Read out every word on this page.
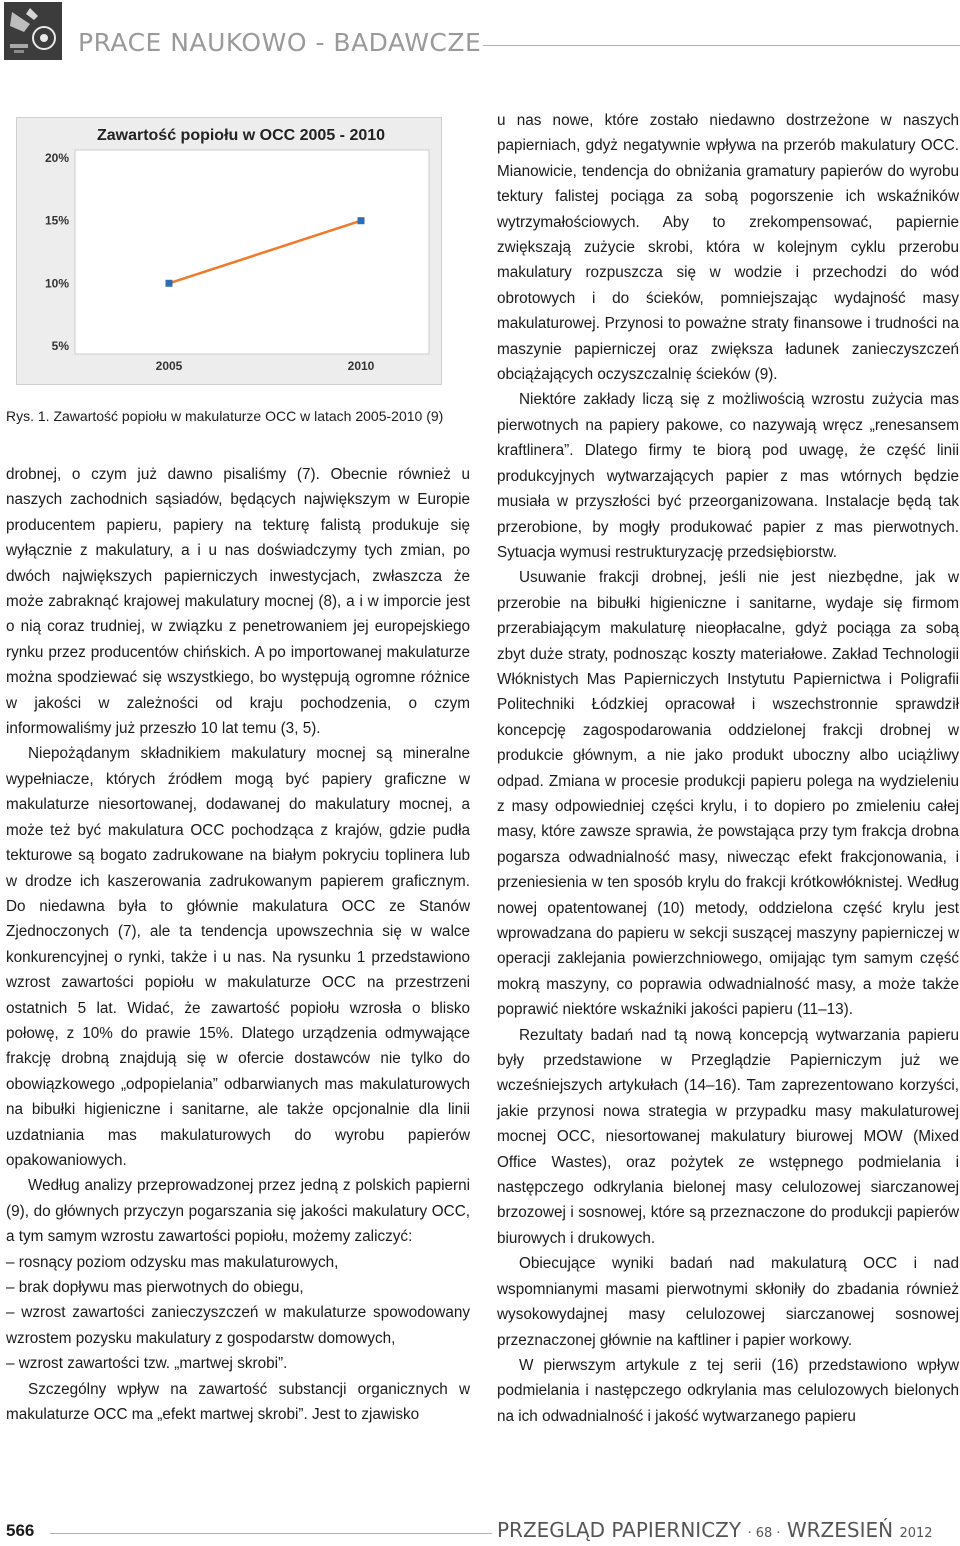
PRACE NAUKOWO - BADAWCZE
Zawartość popiołu w OCC 2005 - 2010
5%
10%
15%
20%
2005	2010
Rys. 1. Zawartość popiołu w makulaturze OCC w latach 2005-2010 (9)

drobnej, o czym już dawno pisaliśmy (7). Obecnie również u naszych zachodnich sąsiadów, będących największym w Europie producentem papieru, papiery na tekturę falistą produkuje się wyłącznie z makulatury, a i u nas doświadczymy tych zmian, po dwóch największych papierniczych inwestycjach, zwłaszcza że może zabraknąć krajowej makulatury mocnej (8), a i w imporcie jest o nią coraz trudniej, w związku z penetrowaniem jej europejskiego rynku przez producentów chińskich. A po importowanej makulaturze można spodziewać się wszystkiego, bo występują ogromne różnice w jakości w zależności od kraju pochodzenia, o czym informowaliśmy już przeszło 10 lat temu (3, 5).

Niepożądanym składnikiem makulatury mocnej są mineralne wypełniacze, których źródłem mogą być papiery graficzne w makulaturze niesortowanej, dodawanej do makulatury mocnej, a może też być makulatura OCC pochodząca z krajów, gdzie pudła tekturowe są bogato zadrukowane na białym pokryciu toplinera lub w drodze ich kaszerowania zadrukowanym papierem graficznym. Do niedawna była to głównie makulatura OCC ze Stanów Zjednoczonych (7), ale ta tendencja upowszechnia się w walce konkurencyjnej o rynki, także i u nas. Na rysunku 1 przedstawiono wzrost zawartości popiołu w makulaturze OCC na przestrzeni ostatnich 5 lat. Widać, że zawartość popiołu wzrosła o blisko połowę, z 10% do prawie 15%. Dlatego urządzenia odmywające frakcję drobną znajdują się w ofercie dostawców nie tylko do obowiązkowego „odpopielania” odbarwianych mas makulaturowych na bibułki higieniczne i sanitarne, ale także opcjonalnie dla linii uzdatniania mas makulaturowych do wyrobu papierów opakowaniowych.

Według analizy przeprowadzonej przez jedną z polskich papierni (9), do głównych przyczyn pogarszania się jakości makulatury OCC, a tym samym wzrostu zawartości popiołu, możemy zaliczyć:

– rosnący poziom odzysku mas makulaturowych,

– brak dopływu mas pierwotnych do obiegu,

– wzrost zawartości zanieczyszczeń w makulaturze spowodowany wzrostem pozysku makulatury z gospodarstw domowych,

– wzrost zawartości tzw. „martwej skrobi”.

Szczególny wpływ na zawartość substancji organicznych w makulaturze OCC ma „efekt martwej skrobi”. Jest to zjawisko

u nas nowe, które zostało niedawno dostrzeżone w naszych papierniach, gdyż negatywnie wpływa na przerób makulatury OCC. Mianowicie, tendencja do obniżania gramatury papierów do wyrobu tektury falistej pociąga za sobą pogorszenie ich wskaźników wytrzymałościowych. Aby to zrekompensować, papiernie zwiększają zużycie skrobi, która w kolejnym cyklu przerobu makulatury rozpuszcza się w wodzie i przechodzi do wód obrotowych i do ścieków, pomniejszając wydajność masy makulaturowej. Przynosi to poważne straty finansowe i trudności na maszynie papierniczej oraz zwiększa ładunek zanieczyszczeń obciążających oczyszczalnię ścieków (9).

Niektóre zakłady liczą się z możliwością wzrostu zużycia mas pierwotnych na papiery pakowe, co nazywają wręcz „renesansem kraftlinera”. Dlatego firmy te biorą pod uwagę, że część linii produkcyjnych wytwarzających papier z mas wtórnych będzie musiała w przyszłości być przeorganizowana. Instalacje będą tak przerobione, by mogły produkować papier z mas pierwotnych. Sytuacja wymusi restrukturyzację przedsiębiorstw.

Usuwanie frakcji drobnej, jeśli nie jest niezbędne, jak w przerobie na bibułki higieniczne i sanitarne, wydaje się firmom przerabiającym makulaturę nieopłacalne, gdyż pociąga za sobą zbyt duże straty, podnosząc koszty materiałowe. Zakład Technologii Włóknistych Mas Papierniczych Instytutu Papiernictwa i Poligrafii Politechniki Łódzkiej opracował i wszechstronnie sprawdził koncepcję zagospodarowania oddzielonej frakcji drobnej w produkcie głównym, a nie jako produkt uboczny albo uciążliwy odpad. Zmiana w procesie produkcji papieru polega na wydzieleniu z masy odpowiedniej części krylu, i to dopiero po zmieleniu całej masy, które zawsze sprawia, że powstająca przy tym frakcja drobna pogarsza odwadnialność masy, niwecząc efekt frakcjonowania, i przeniesienia w ten sposób krylu do frakcji krótkowłóknistej. Według nowej opatentowanej (10) metody, oddzielona część krylu jest wprowadzana do papieru w sekcji suszącej maszyny papierniczej w operacji zaklejania powierzchniowego, omijając tym samym część mokrą maszyny, co poprawia odwadnialność masy, a może także poprawić niektóre wskaźniki jakości papieru (11–13).

Rezultaty badań nad tą nową koncepcją wytwarzania papieru były przedstawione w Przeglądzie Papierniczym już we wcześniejszych artykułach (14–16). Tam zaprezentowano korzyści, jakie przynosi nowa strategia w przypadku masy makulaturowej mocnej OCC, niesortowanej makulatury biurowej MOW (Mixed Office Wastes), oraz pożytek ze wstępnego podmielania i następczego odkrylania bielonej masy celulozowej siarczanowej brzozowej i sosnowej, które są przeznaczone do produkcji papierów biurowych i drukowych.

Obiecujące wyniki badań nad makulaturą OCC i nad wspomnianymi masami pierwotnymi skłoniły do zbadania również wysokowydajnej masy celulozowej siarczanowej sosnowej przeznaczonej głównie na kaftliner i papier workowy.

W pierwszym artykule z tej serii (16) przedstawiono wpływ podmielania i następczego odkrylania mas celulozowych bielonych na ich odwadnialność i jakość wytwarzanego papieru

566	PRZEGLĄD PAPIERNICZY · 68 · WRZESIEŃ 2012
